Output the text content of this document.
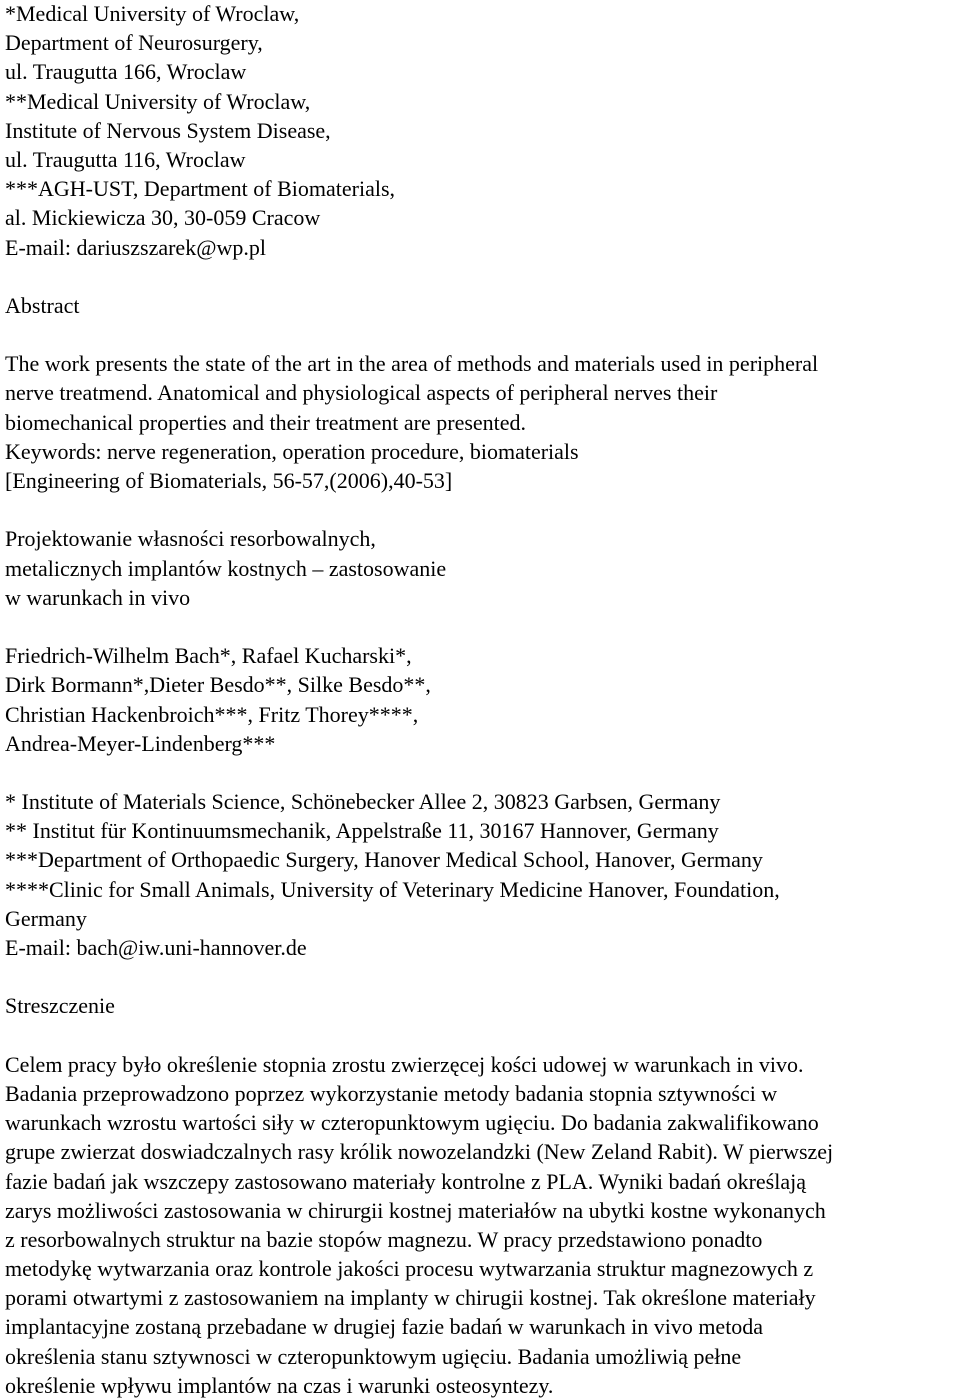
*Medical University of Wroclaw,
Department of Neurosurgery,
ul. Traugutta 166, Wroclaw
**Medical University of Wroclaw,
Institute of Nervous System Disease,
ul. Traugutta 116, Wroclaw
***AGH-UST, Department of Biomaterials,
al. Mickiewicza 30, 30-059 Cracow
E-mail: dariuszszarek@wp.pl
Abstract
The work presents the state of the art in the area of methods and materials used in peripheral
nerve treatmend. Anatomical and physiological aspects of peripheral nerves their
biomechanical properties and their treatment are presented.
Keywords: nerve regeneration, operation procedure, biomaterials
[Engineering of Biomaterials, 56-57,(2006),40-53]
Projektowanie własności resorbowalnych,
metalicznych implantów kostnych – zastosowanie
w warunkach in vivo
Friedrich-Wilhelm Bach*, Rafael Kucharski*,
Dirk Bormann*,Dieter Besdo**, Silke Besdo**,
Christian Hackenbroich***, Fritz Thorey****,
Andrea-Meyer-Lindenberg***
* Institute of Materials Science, Schönebecker Allee 2, 30823 Garbsen, Germany
** Institut für Kontinuumsmechanik, Appelstraße 11, 30167 Hannover, Germany
***Department of Orthopaedic Surgery, Hanover Medical School, Hanover, Germany
****Clinic for Small Animals, University of Veterinary Medicine Hanover, Foundation,
Germany
E-mail: bach@iw.uni-hannover.de
Streszczenie
Celem pracy było określenie stopnia zrostu zwierzęcej kości udowej w warunkach in vivo.
Badania przeprowadzono poprzez wykorzystanie metody badania stopnia sztywności w
warunkach wzrostu wartości siły w czteropunktowym ugięciu. Do badania zakwalifikowano
grupe zwierzat doswiadczalnych rasy królik nowozelandzki (New Zeland Rabit). W pierwszej
fazie badań jak wszczepy zastosowano materiały kontrolne z PLA. Wyniki badań określają
zarys możliwości zastosowania w chirurgii kostnej materiałów na ubytki kostne wykonanych
z resorbowalnych struktur na bazie stopów magnezu. W pracy przedstawiono ponadto
metodykę wytwarzania oraz kontrole jakości procesu wytwarzania struktur magnezowych z
porami otwartymi z zastosowaniem na implanty w chirugii kostnej. Tak określone materiały
implantacyjne zostaną przebadane w drugiej fazie badań w warunkach in vivo metoda
określenia stanu sztywnosci w czteropunktowym ugięciu. Badania umożliwią pełne
określenie wpływu implantów na czas i warunki osteosyntezy.
